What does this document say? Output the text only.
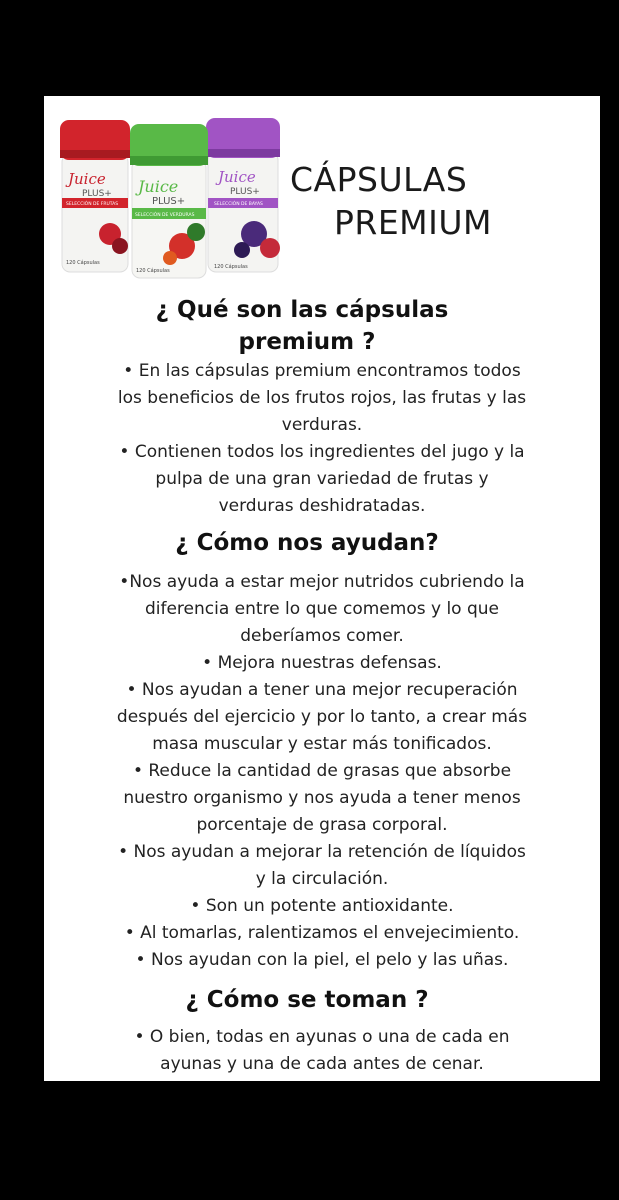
Juice
PLUS+
SELECCIÓN DE FRUTAS
120 Cápsulas
Juice
PLUS+
SELECCIÓN DE BAYAS
120 Cápsulas
Juice
PLUS+
SELECCIÓN DE VERDURAS
120 Cápsulas
CÁPSULAS
PREMIUM
¿ Qué son las cápsulas
premium ?

• En las cápsulas premium encontramos todos

los beneficios de los frutos rojos, las frutas y las

verduras.

• Contienen todos los ingredientes del jugo y la

pulpa de una gran variedad de frutas y

verduras deshidratadas.

¿ Cómo nos ayudan?

•Nos ayuda a estar mejor nutridos cubriendo la

diferencia entre lo que comemos y lo que

deberíamos comer.

• Mejora nuestras defensas.

• Nos ayudan a tener una mejor recuperación

después del ejercicio y por lo tanto, a crear más

masa muscular y estar más tonificados.

• Reduce la cantidad de grasas que absorbe

nuestro organismo y nos ayuda a tener menos

porcentaje de grasa corporal.

• Nos ayudan a mejorar la retención de líquidos

y la circulación.

• Son un potente antioxidante.

• Al tomarlas, ralentizamos el envejecimiento.

• Nos ayudan con la piel, el pelo y las uñas.

¿ Cómo se toman ?

• O bien, todas en ayunas o una de cada en

ayunas y una de cada antes de cenar.
